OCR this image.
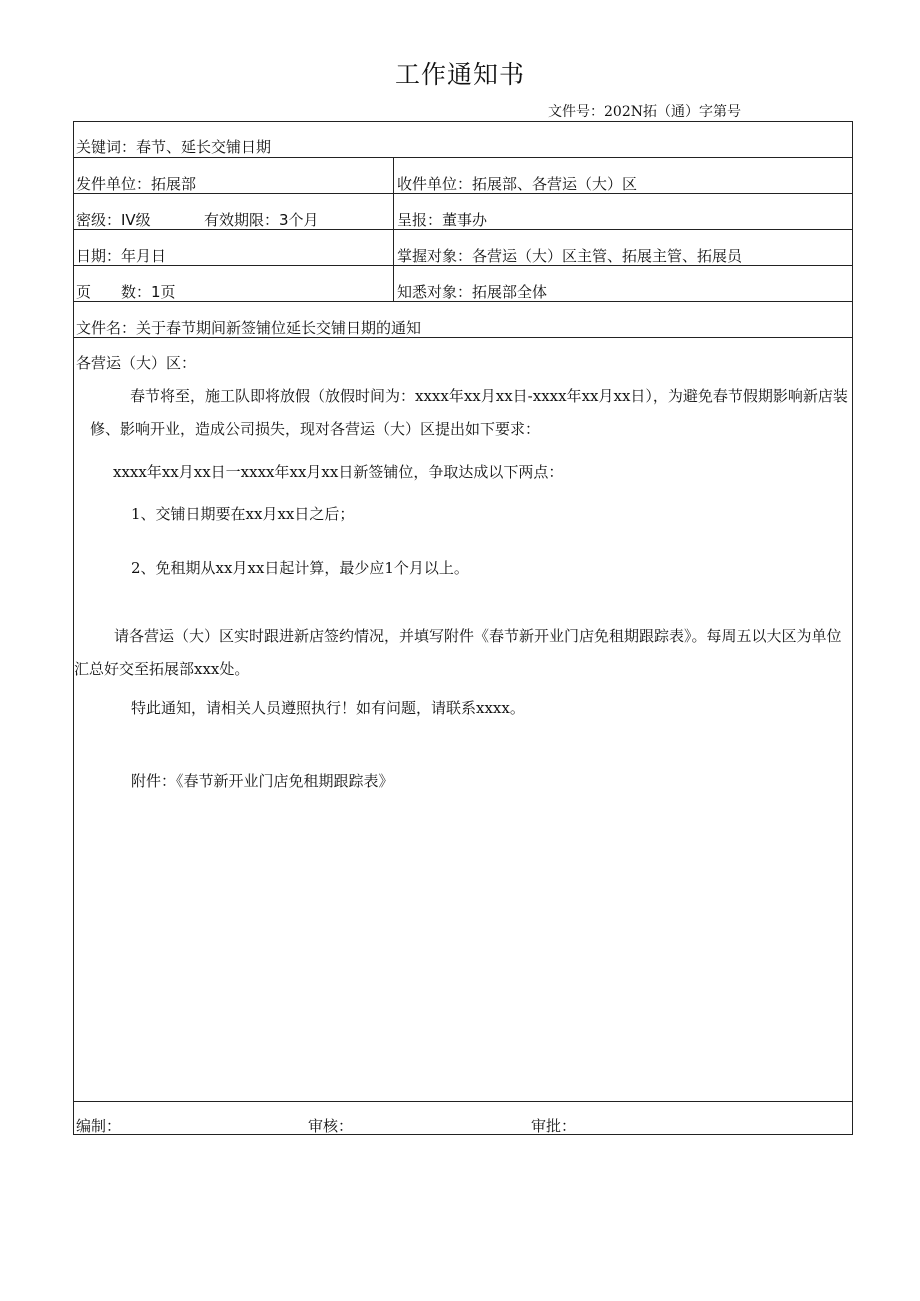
工作通知书
文件号：202N拓（通）字第号
关键词：春节、延长交铺日期
发件单位：拓展部	收件单位：拓展部、各营运（大）区
密级：IV级	有效期限：3个月	呈报：董事办
日期：年月日	掌握对象：各营运（大）区主管、拓展主管、拓展员
页　　数：1页	知悉对象：拓展部全体
文件名：关于春节期间新签铺位延长交铺日期的通知
各营运（大）区：
春节将至，施工队即将放假（放假时间为：xxxx年xx月xx日-xxxx年xx月xx日），为避免春节假期影响新店装修、影响开业，造成公司损失，现对各营运（大）区提出如下要求：
xxxx年xx月xx日一xxxx年xx月xx日新签铺位，争取达成以下两点：
1、交铺日期要在xx月xx日之后；
2、免租期从xx月xx日起计算，最少应1个月以上。
请各营运（大）区实时跟进新店签约情况，并填写附件《春节新开业门店免租期跟踪表》。每周五以大区为单位汇总好交至拓展部xxx处。
特此通知，请相关人员遵照执行！如有问题，请联系xxxx。
附件：《春节新开业门店免租期跟踪表》
编制：	审核：	审批：
